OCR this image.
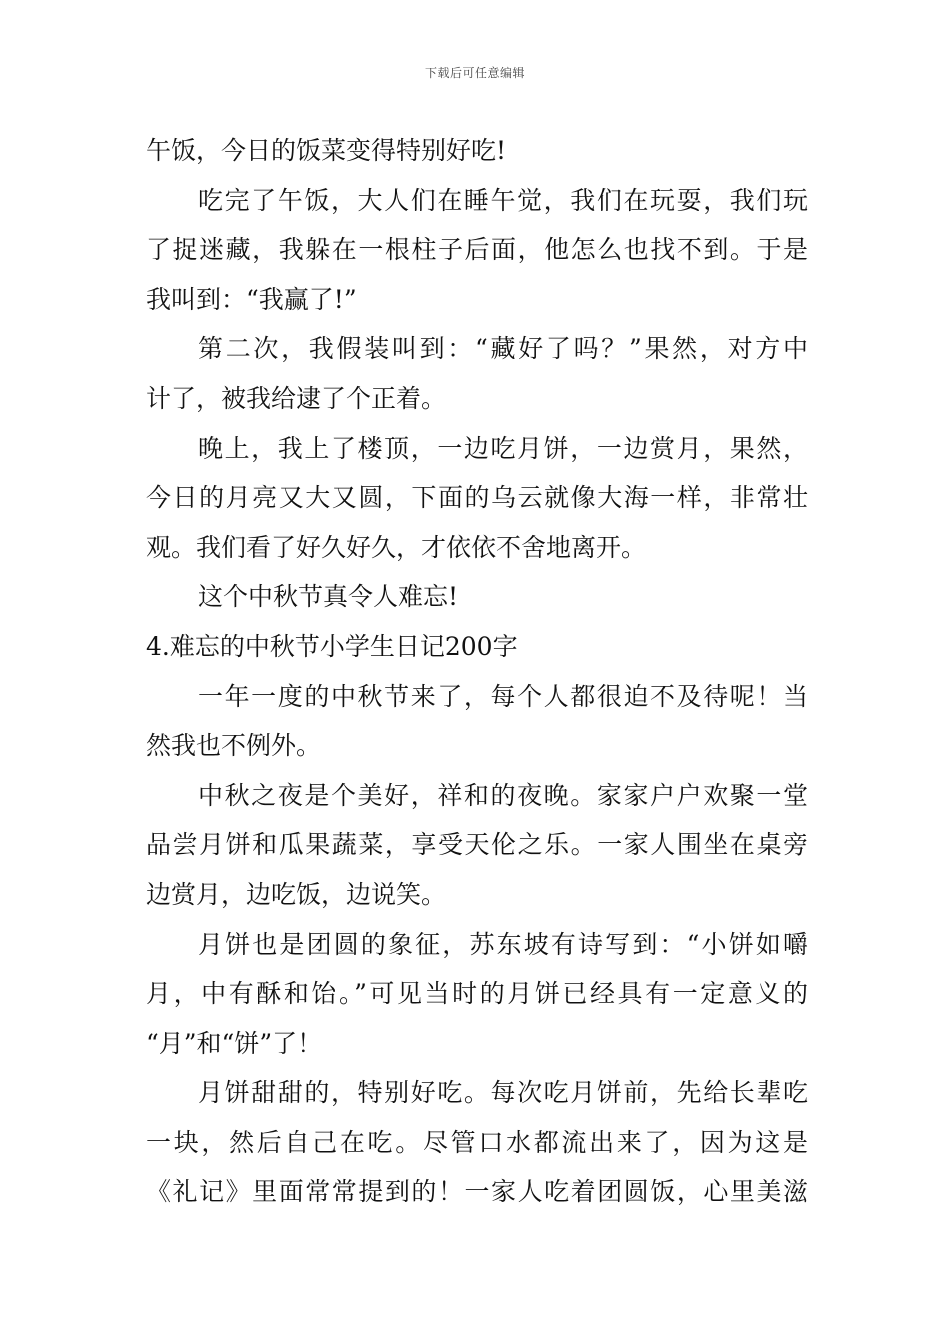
下载后可任意编辑
午饭，今日的饭菜变得特别好吃!
吃完了午饭，大人们在睡午觉，我们在玩耍，我们玩
了捉迷藏，我躲在一根柱子后面，他怎么也找不到。于是
我叫到：“我赢了!”
第二次，我假装叫到：“藏好了吗？”果然，对方中
计了，被我给逮了个正着。
晚上，我上了楼顶，一边吃月饼，一边赏月，果然，
今日的月亮又大又圆，下面的乌云就像大海一样，非常壮
观。我们看了好久好久，才依依不舍地离开。
这个中秋节真令人难忘!
4.难忘的中秋节小学生日记200字
一年一度的中秋节来了，每个人都很迫不及待呢！当
然我也不例外。
中秋之夜是个美好，祥和的夜晚。家家户户欢聚一堂
品尝月饼和瓜果蔬菜，享受天伦之乐。一家人围坐在桌旁
边赏月，边吃饭，边说笑。
月饼也是团圆的象征，苏东坡有诗写到：“小饼如嚼
月，中有酥和饴。”可见当时的月饼已经具有一定意义的
“月”和“饼”了！
月饼甜甜的，特别好吃。每次吃月饼前，先给长辈吃
一块，然后自己在吃。尽管口水都流出来了，因为这是
《礼记》里面常常提到的！一家人吃着团圆饭，心里美滋
